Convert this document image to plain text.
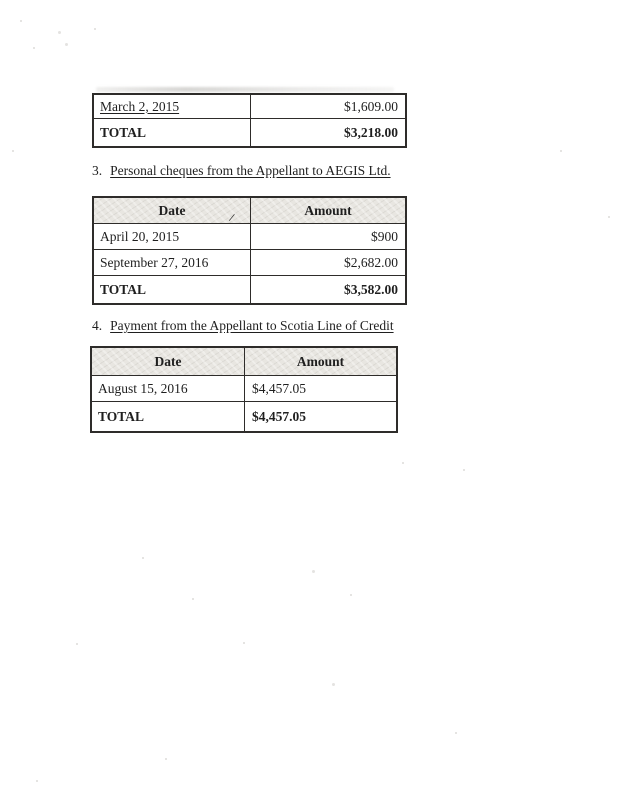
March 2, 2015	$1,609.00
TOTAL	$3,218.00
3. Personal cheques from the Appellant to AEGIS Ltd.
Date	Amount
/
April 20, 2015	$900
September 27, 2016	$2,682.00
TOTAL	$3,582.00
4. Payment from the Appellant to Scotia Line of Credit
Date	Amount
August 15, 2016	$4,457.05
TOTAL	$4,457.05
